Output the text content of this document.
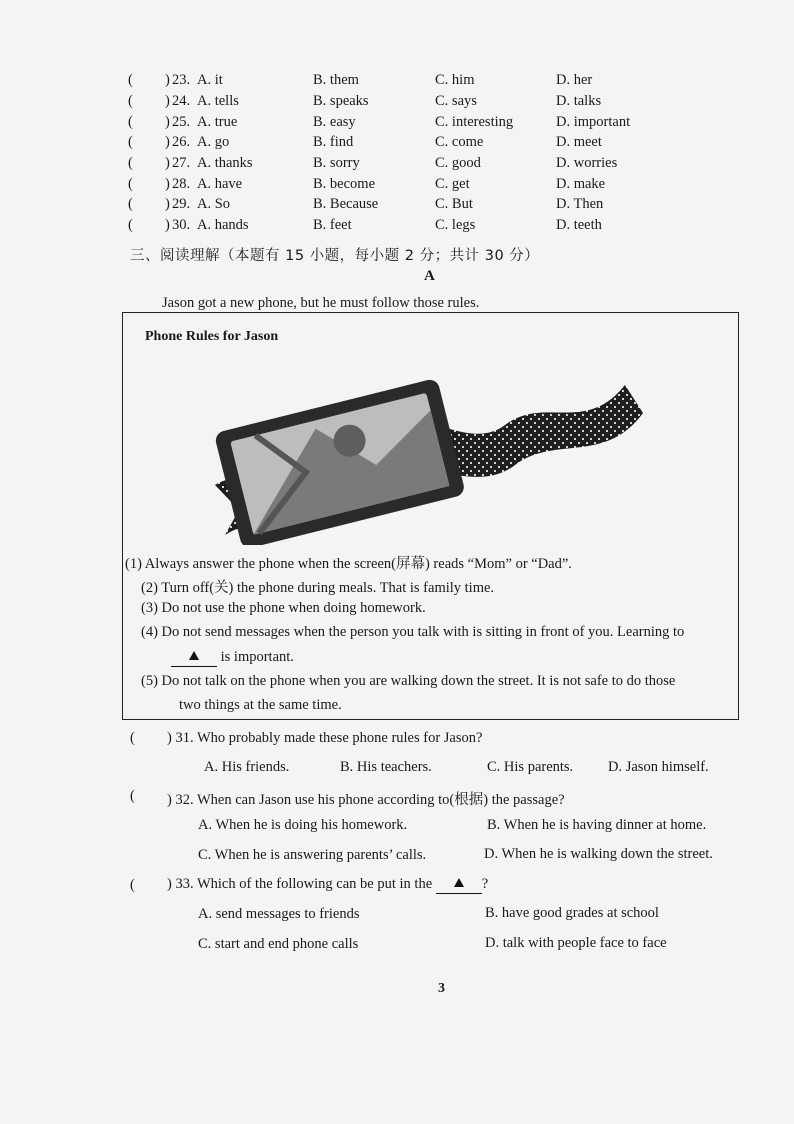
( ) 23. A. it	B. them	C. him	D. her
( ) 24. A. tells	B. speaks	C. says	D. talks
( ) 25. A. true	B. easy	C. interesting	D. important
( ) 26. A. go	B. find	C. come	D. meet
( ) 27. A. thanks	B. sorry	C. good	D. worries
( ) 28. A. have	B. become	C. get	D. make
( ) 29. A. So	B. Because	C. But	D. Then
( ) 30. A. hands	B. feet	C. legs	D. teeth
三、阅读理解（本题有 15 小题，每小题 2 分；共计 30 分）
A
Jason got a new phone, but he must follow those rules.
Phone Rules for Jason
(1) Always answer the phone when the screen(屏幕) reads “Mom” or “Dad”.
(2) Turn off(关) the phone during meals. That is family time.
(3) Do not use the phone when doing homework.
(4) Do not send messages when the person you talk with is sitting in front of you. Learning to
is important.
(5) Do not talk on the phone when you are walking down the street. It is not safe to do those
two things at the same time.
( ) 31. Who probably made these phone rules for Jason?
A. His friends.	B. His teachers.	C. His parents. D. Jason himself.
( ) 32. When can Jason use his phone according to(根据) the passage?
A. When he is doing his homework.	B. When he is having dinner at home.
C. When he is answering parents’ calls.	D. When he is walking down the street.
( ) 33. Which of the following can be put in the	?
A. send messages to friends	B. have good grades at school
C. start and end phone calls	D. talk with people face to face
3
